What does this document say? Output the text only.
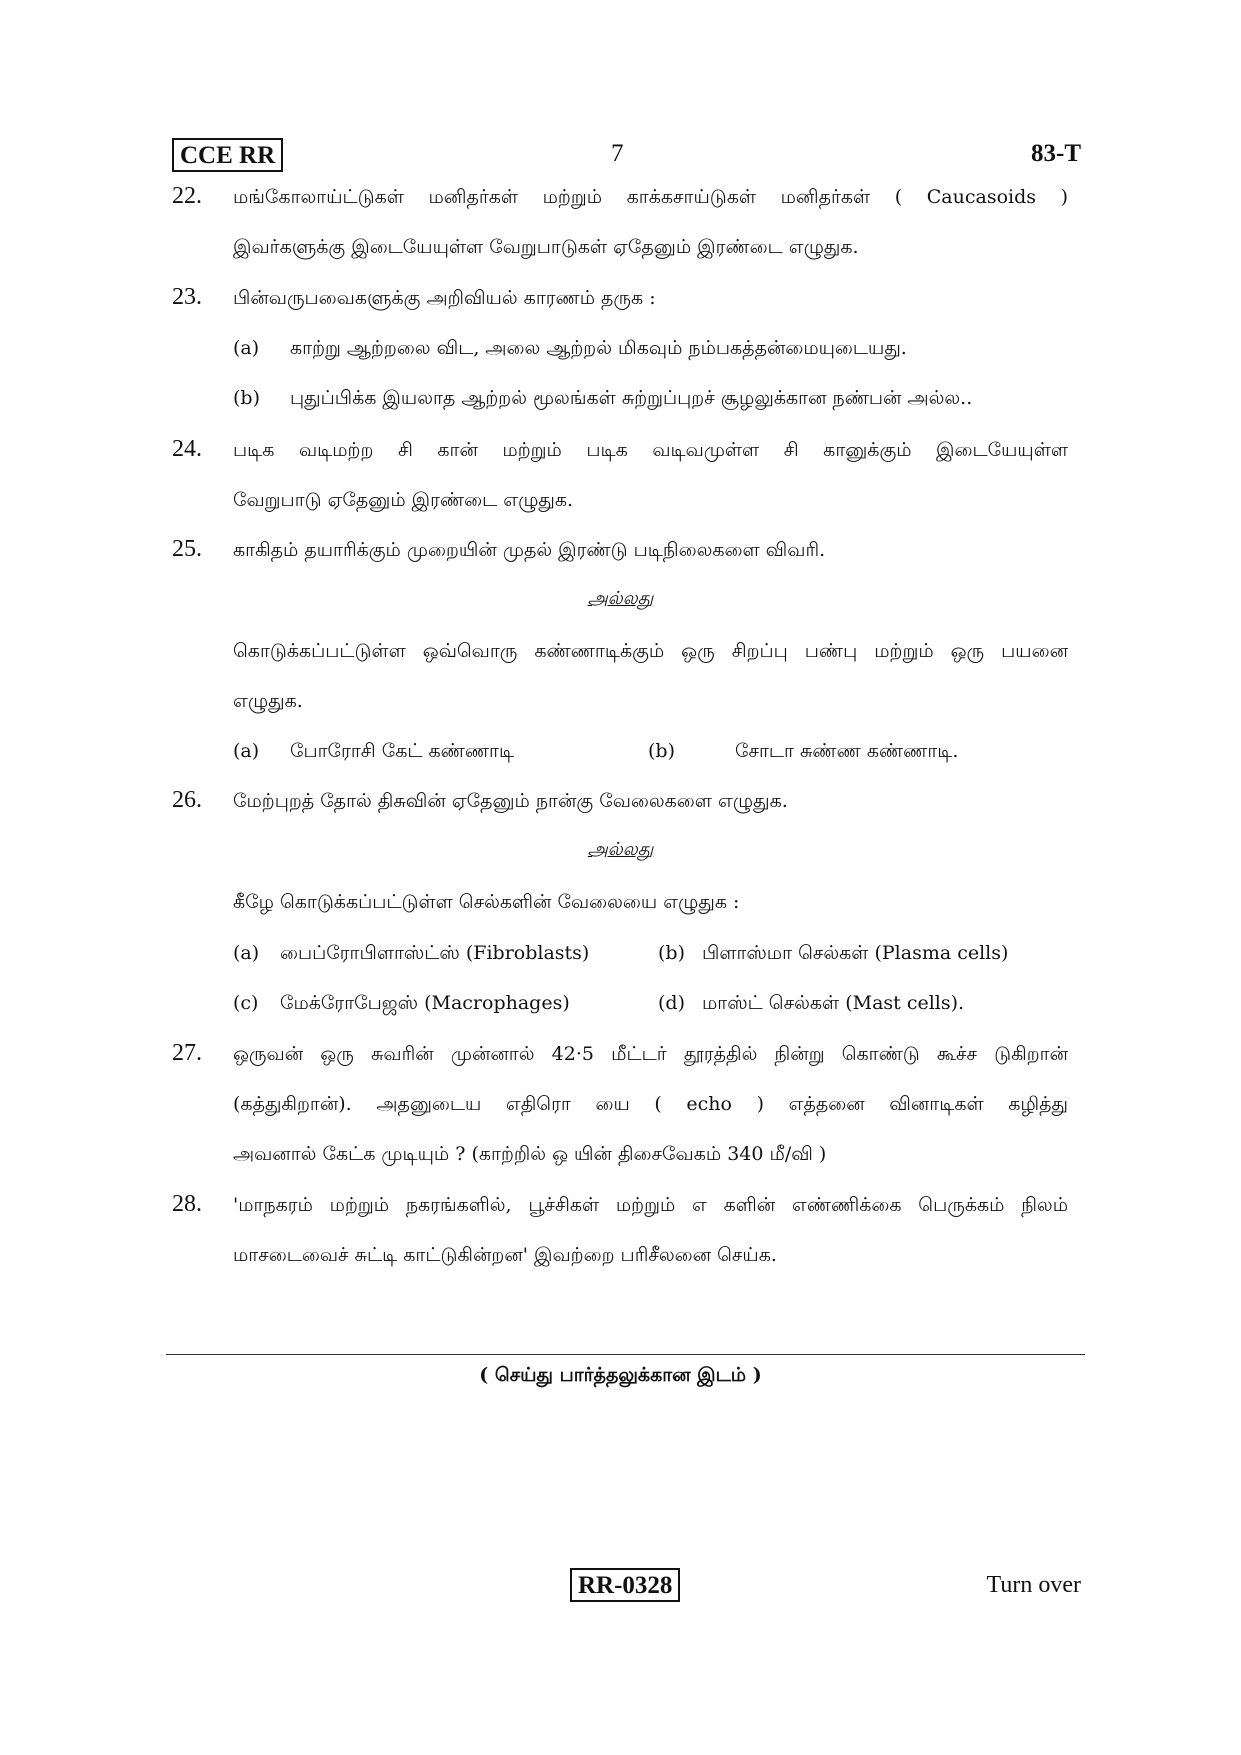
CCE RR	7	83-T
22. மங்கோலாய்ட்டுகள் மனிதர்கள் மற்றும் காக்கசாய்டுகள் மனிதர்கள் ( Caucasoids )
இவர்களுக்கு இடையேயுள்ள வேறுபாடுகள் ஏதேனும் இரண்டை எழுதுக.
23. பின்வருபவைகளுக்கு அறிவியல் காரணம் தருக :
(a) காற்று ஆற்றலை விட, அலை ஆற்றல் மிகவும் நம்பகத்தன்மையுடையது.
(b) புதுப்பிக்க இயலாத ஆற்றல் மூலங்கள் சுற்றுப்புறச் சூழலுக்கான நண்பன் அல்ல..
24. படிக வடிமற்ற சி கான் மற்றும் படிக வடிவமுள்ள சி கானுக்கும் இடையேயுள்ள
வேறுபாடு ஏதேனும் இரண்டை எழுதுக.
25. காகிதம் தயாரிக்கும் முறையின் முதல் இரண்டு படிநிலைகளை விவரி.
அல்லது
கொடுக்கப்பட்டுள்ள ஒவ்வொரு கண்ணாடிக்கும் ஒரு சிறப்பு பண்பு மற்றும் ஒரு பயனை
எழுதுக.
(a) போரோசி கேட் கண்ணாடி	(b)	சோடா சுண்ண கண்ணாடி.
26. மேற்புறத் தோல் திசுவின் ஏதேனும் நான்கு வேலைகளை எழுதுக.
அல்லது
கீழே கொடுக்கப்பட்டுள்ள செல்களின் வேலையை எழுதுக :
(a) பைப்ரோபிளாஸ்ட்ஸ் (Fibroblasts)	(b) பிளாஸ்மா செல்கள் (Plasma cells)
(c) மேக்ரோபேஜஸ் (Macrophages)	(d) மாஸ்ட் செல்கள் (Mast cells).
27. ஒருவன் ஒரு சுவரின் முன்னால் 42·5 மீட்டர் தூரத்தில் நின்று கொண்டு கூச்ச டுகிறான்
(கத்துகிறான்). அதனுடைய எதிரொ யை ( echo ) எத்தனை வினாடிகள் கழித்து
அவனால் கேட்க முடியும் ? (காற்றில் ஒ யின் திசைவேகம் 340 மீ/வி )
28. 'மாநகரம் மற்றும் நகரங்களில், பூச்சிகள் மற்றும் எ களின் எண்ணிக்கை பெருக்கம் நிலம்
மாசடைவைச் சுட்டி காட்டுகின்றன' இவற்றை பரிசீலனை செய்க.
( செய்து பார்த்தலுக்கான இடம் )
RR-0328	Turn over
